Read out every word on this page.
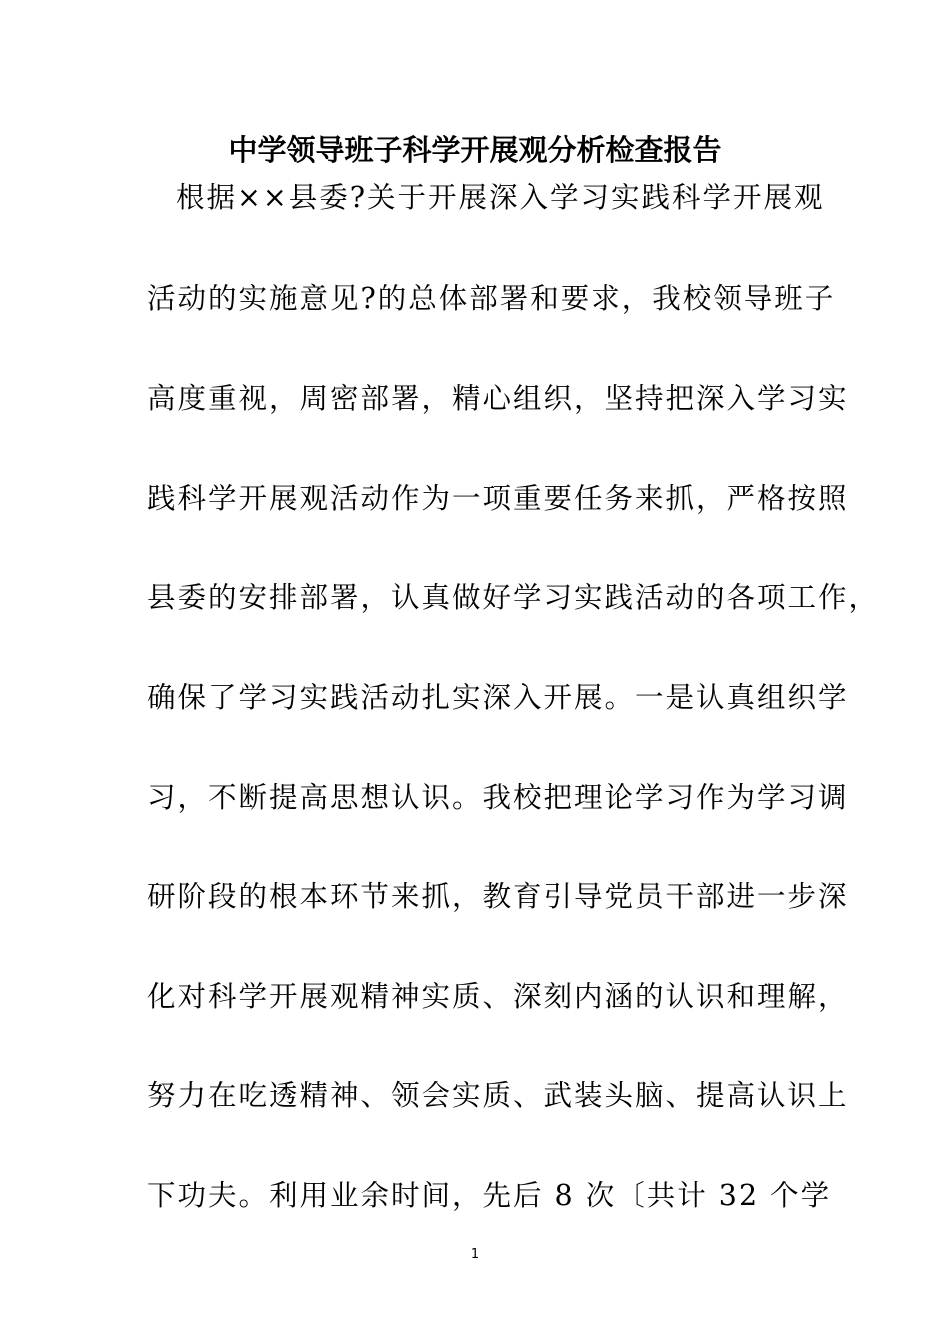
中学领导班子科学开展观分析检查报告
根据××县委?关于开展深入学习实践科学开展观
活动的实施意见?的总体部署和要求，我校领导班子
高度重视，周密部署，精心组织，坚持把深入学习实
践科学开展观活动作为一项重要任务来抓，严格按照
县委的安排部署，认真做好学习实践活动的各项工作，
确保了学习实践活动扎实深入开展。一是认真组织学
习，不断提高思想认识。我校把理论学习作为学习调
研阶段的根本环节来抓，教育引导党员干部进一步深
化对科学开展观精神实质、深刻内涵的认识和理解，
努力在吃透精神、领会实质、武装头脑、提高认识上
下功夫。利用业余时间，先后 8 次〔共计 32 个学
1
